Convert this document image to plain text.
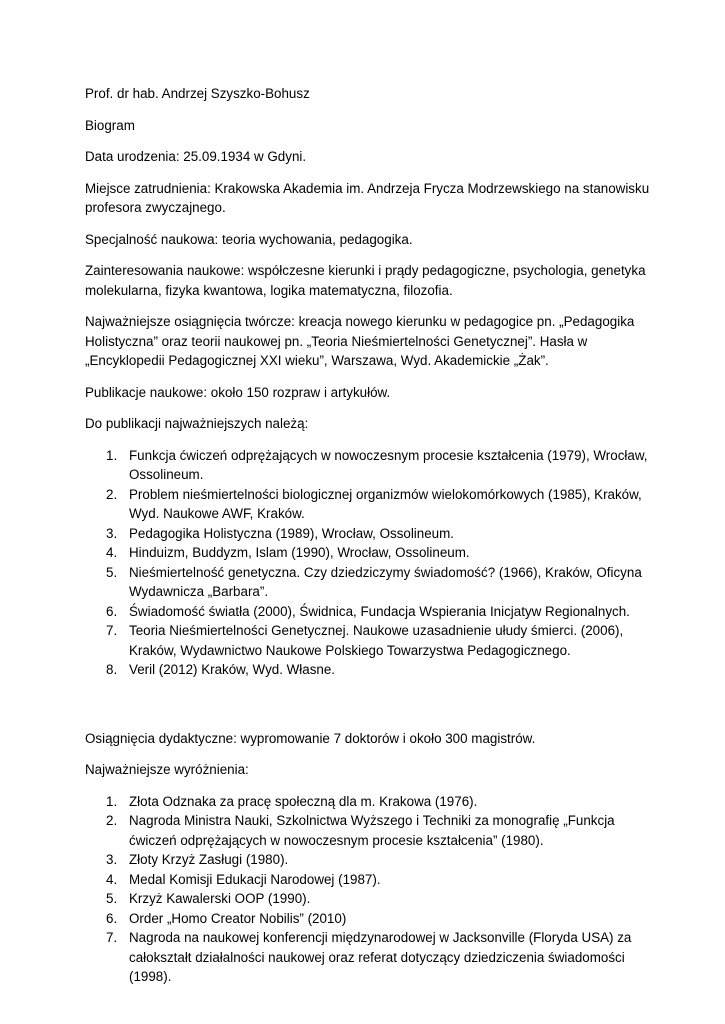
Prof. dr hab. Andrzej Szyszko-Bohusz

Biogram

Data urodzenia: 25.09.1934 w Gdyni.

Miejsce zatrudnienia: Krakowska Akademia im. Andrzeja Frycza Modrzewskiego na stanowisku profesora zwyczajnego.

Specjalność naukowa: teoria wychowania, pedagogika.

Zainteresowania naukowe: współczesne kierunki i prądy pedagogiczne, psychologia, genetyka molekularna, fizyka kwantowa, logika matematyczna, filozofia.

Najważniejsze osiągnięcia twórcze: kreacja nowego kierunku w pedagogice pn. „Pedagogika Holistyczna” oraz teorii naukowej pn. „Teoria Nieśmiertelności Genetycznej”. Hasła w „Encyklopedii Pedagogicznej XXI wieku”, Warszawa, Wyd. Akademickie „Żak”.

Publikacje naukowe: około 150 rozpraw i artykułów.

Do publikacji najważniejszych należą:

1. Funkcja ćwiczeń odprężających w nowoczesnym procesie kształcenia (1979), Wrocław, Ossolineum.
2. Problem nieśmiertelności biologicznej organizmów wielokomórkowych (1985), Kraków, Wyd. Naukowe AWF, Kraków.
3. Pedagogika Holistyczna (1989), Wrocław, Ossolineum.
4. Hinduizm, Buddyzm, Islam (1990), Wrocław, Ossolineum.
5. Nieśmiertelność genetyczna. Czy dziedziczymy świadomość? (1966), Kraków, Oficyna Wydawnicza „Barbara”.
6. Świadomość światła (2000), Świdnica, Fundacja Wspierania Inicjatyw Regionalnych.
7. Teoria Nieśmiertelności Genetycznej. Naukowe uzasadnienie ułudy śmierci. (2006), Kraków, Wydawnictwo Naukowe Polskiego Towarzystwa Pedagogicznego.
8. Veril (2012) Kraków, Wyd. Własne.

Osiągnięcia dydaktyczne: wypromowanie 7 doktorów i około 300 magistrów.

Najważniejsze wyróżnienia:

1. Złota Odznaka za pracę społeczną dla m. Krakowa (1976).
2. Nagroda Ministra Nauki, Szkolnictwa Wyższego i Techniki za monografię „Funkcja ćwiczeń odprężających w nowoczesnym procesie kształcenia” (1980).
3. Złoty Krzyż Zasługi (1980).
4. Medal Komisji Edukacji Narodowej (1987).
5. Krzyż Kawalerski OOP (1990).
6. Order „Homo Creator Nobilis” (2010)
7. Nagroda na naukowej konferencji międzynarodowej w Jacksonville (Floryda USA) za całokształt działalności naukowej oraz referat dotyczący dziedziczenia świadomości (1998).
